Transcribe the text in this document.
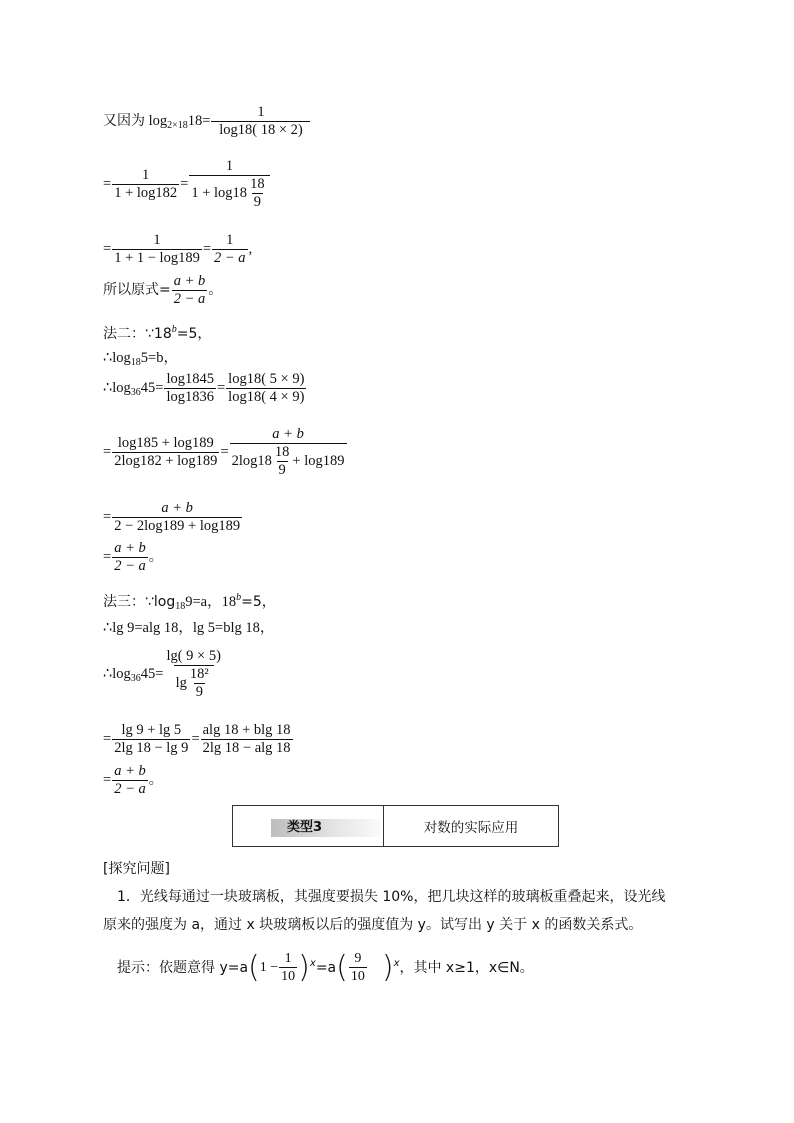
又因为 $\log_{2\times 18}18= \frac{1}{\log 18( 18 \times 2)}$
= $\frac{1}{1 + \log 182} = \frac{1}{1 + \log 18 \frac{18}{9}}$
= $\frac{1}{1 + 1 - \log 189} = \frac{1}{2 - a}$ ,
所以原式= $\frac{a + b}{2 - a}$ 。
法二：$\because 18^b=5$，
$\therefore\log_{18}5=b$，
$\therefore\log_{36}45= \frac{\log 1845}{\log 1836} = \frac{\log 18( 5 \times 9)}{\log 18( 4 \times 9)}$
= $\frac{\log 185 + \log 189}{2\log 182 + \log 189} = \frac{a + b}{2\log 18 \frac{18}{9} + \log 189}$
= $\frac{a + b}{2 - 2\log 189 + \log 189}$
= $\frac{a + b}{2 - a}$ 。
法三：$\because\log_{18}9=a$，$18^b=5$，
∴lg 9=alg 18，lg 5=blg 18，
$\therefore\log_{36}45= \frac{\lg( 9 \times 5)}{\lg \frac{\text{18²}}{9}}$
= $\frac{\lg 9 + \lg 5}{2\lg 18 - \lg 9} = \frac{alg 18 + blg 18}{2\lg 18 - alg 18}$
= $\frac{a + b}{2 - a}$ 。
类型3	对数的实际应用
[探究问题]
1．光线每通过一块玻璃板，其强度要损失 10%，把几块这样的玻璃板重叠起来，设光线
原来的强度为 a，通过 x 块玻璃板以后的强度值为 y。试写出 y 关于 x 的函数关系式。
提示：依题意得 y=a ( $1 - \frac{1}{10}$ ) x =a ( $\frac{9}{10}$ ) x ，其中 x≥1，x∈N。
